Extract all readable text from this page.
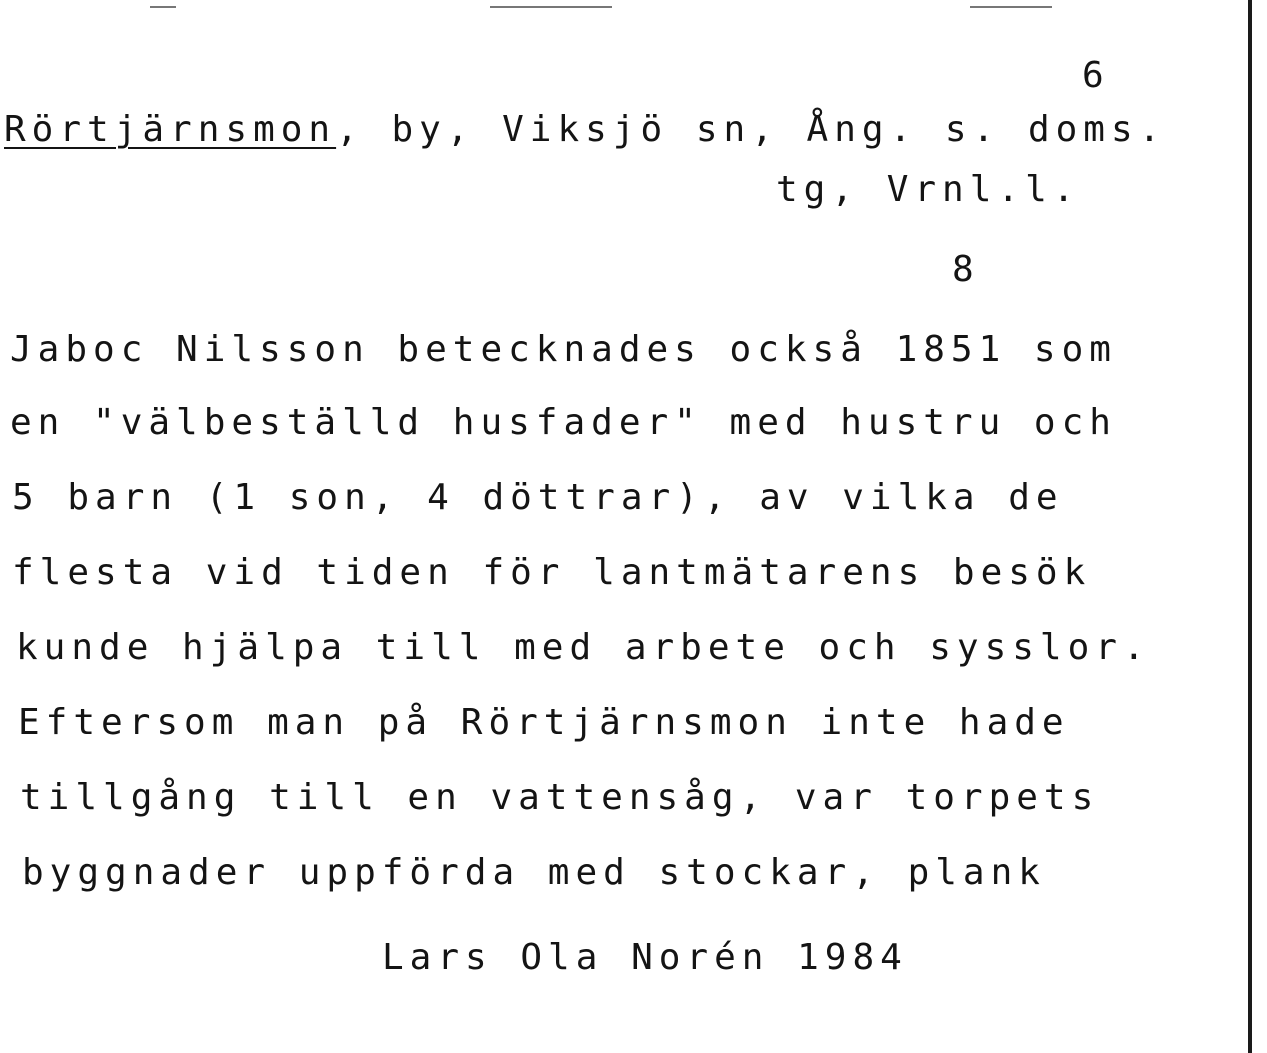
6
Rörtjärnsmon, by, Viksjö sn, Ång. s. doms.
tg, Vrnl.l.
8
Jaboc Nilsson betecknades också 1851 som
en "välbeställd husfader" med hustru och
5 barn (1 son, 4 döttrar), av vilka de
flesta vid tiden för lantmätarens besök
kunde hjälpa till med arbete och sysslor.
Eftersom man på Rörtjärnsmon inte hade
tillgång till en vattensåg, var torpets
byggnader uppförda med stockar, plank
Lars Ola Norén 1984
